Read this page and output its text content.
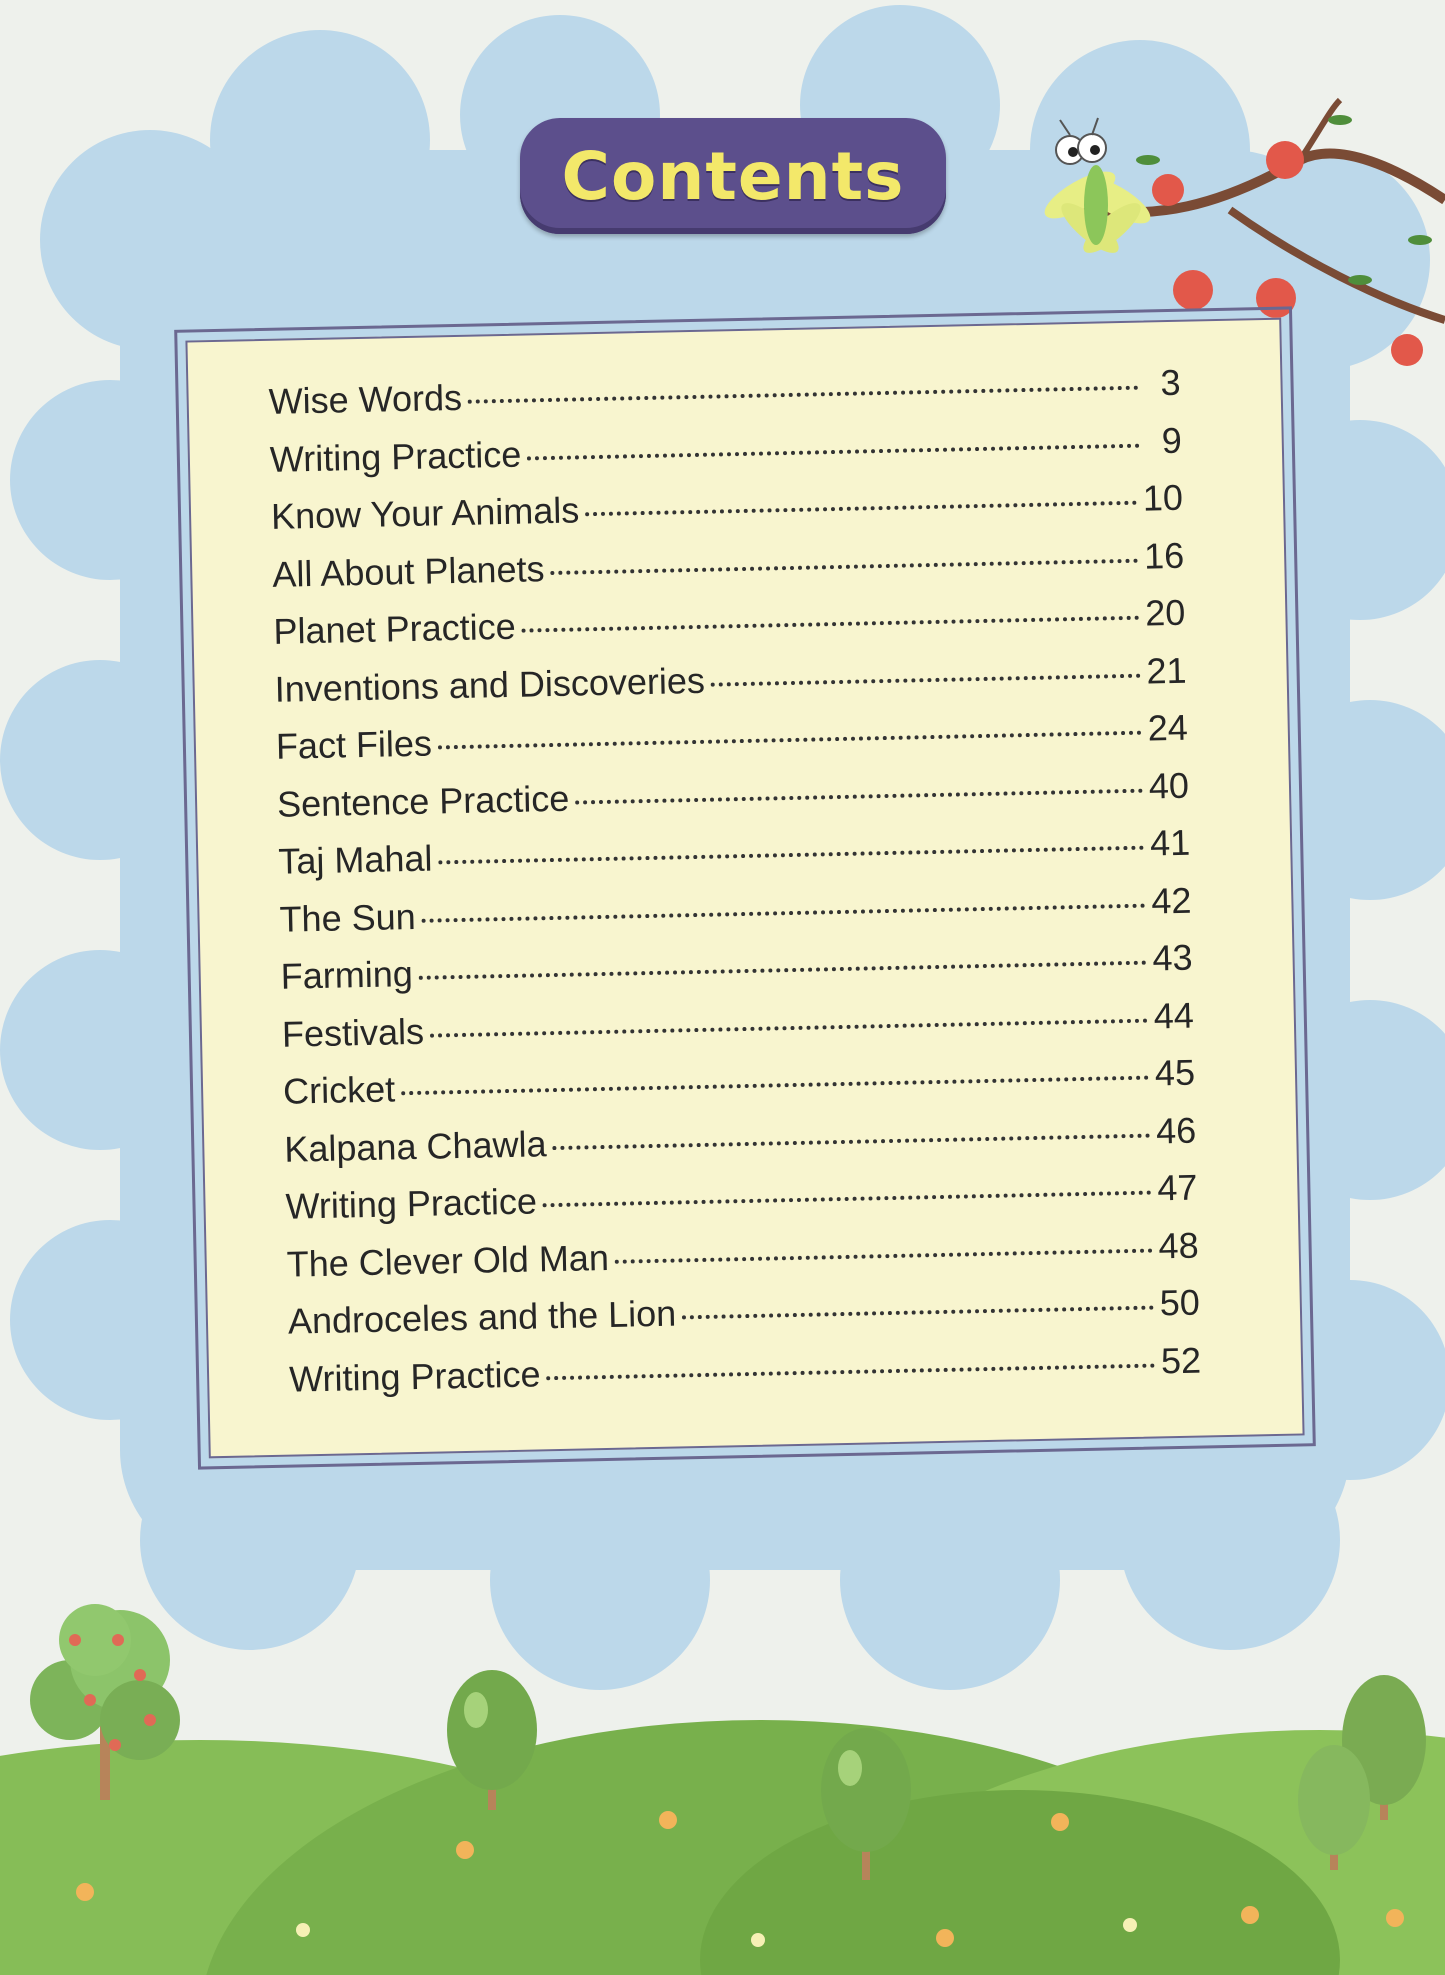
Contents
Wise Words	3
Writing Practice	9
Know Your Animals	10
All About Planets	16
Planet Practice	20
Inventions and Discoveries	21
Fact Files	24
Sentence Practice	40
Taj Mahal	41
The Sun	42
Farming	43
Festivals	44
Cricket	45
Kalpana Chawla	46
Writing Practice	47
The Clever Old Man	48
Androceles and the Lion	50
Writing Practice	52
